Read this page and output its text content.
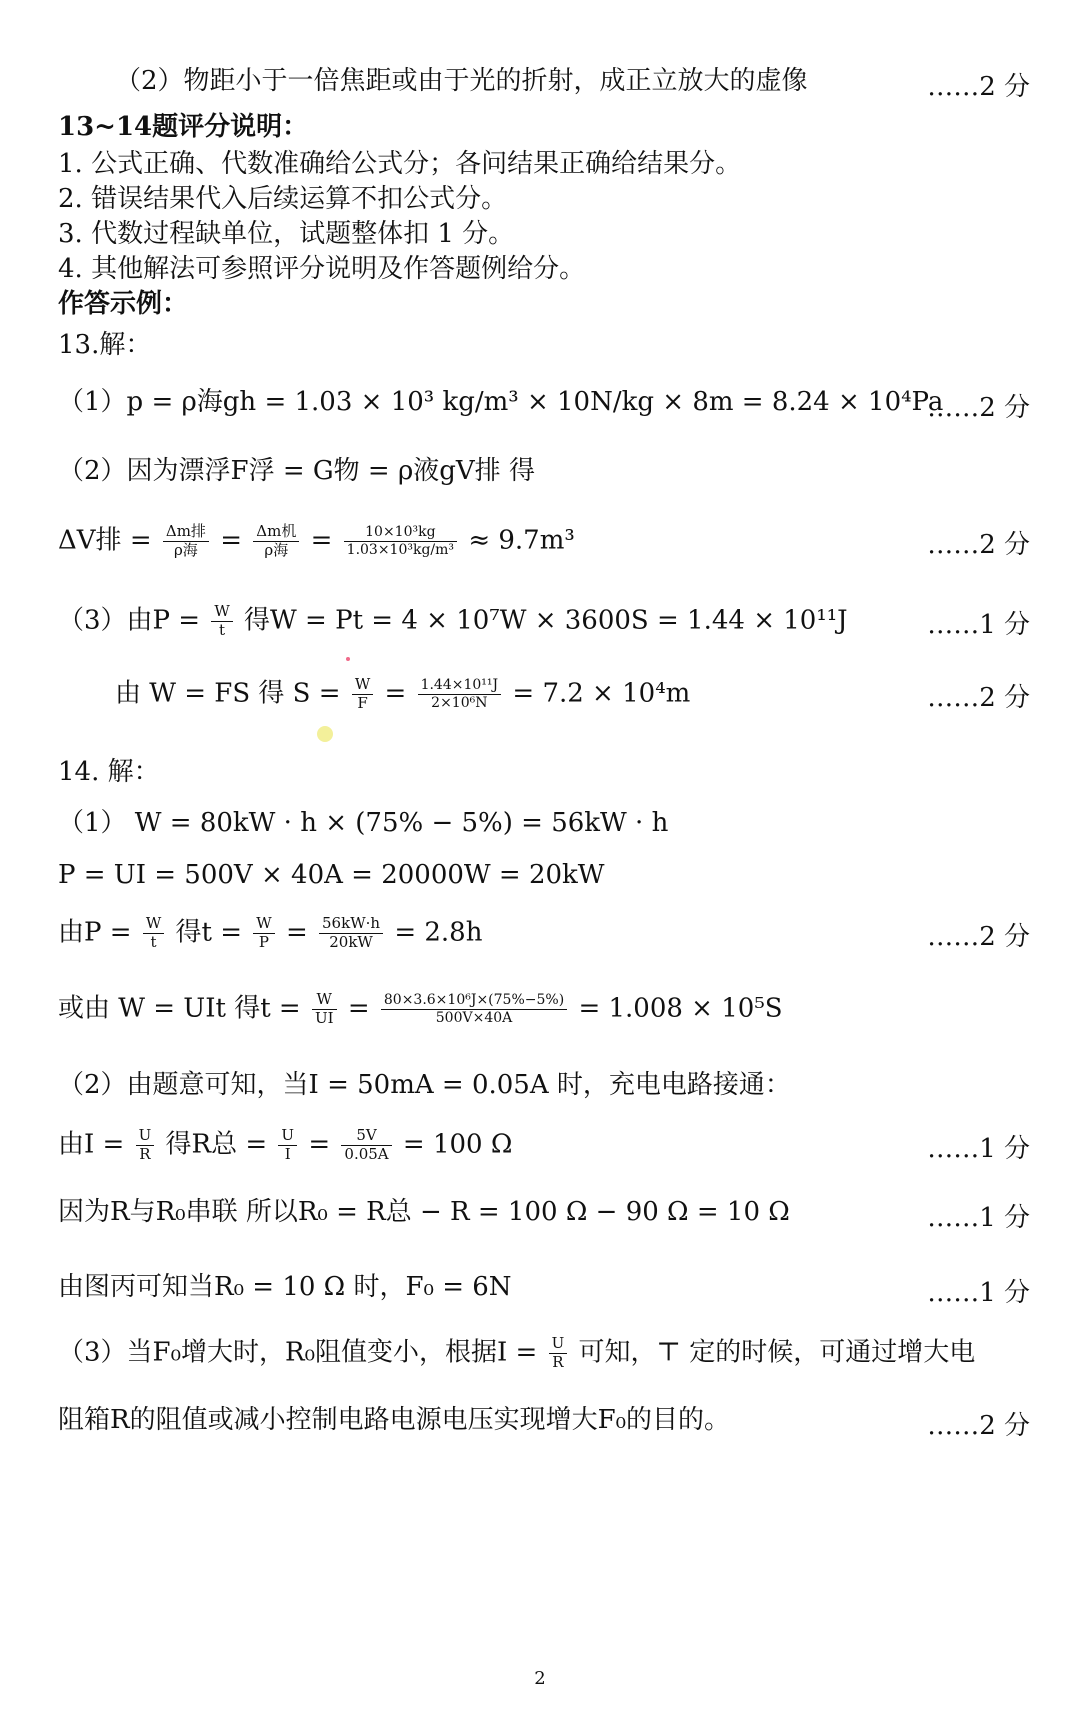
（2）物距小于一倍焦距或由于光的折射，成正立放大的虚像	……2 分
13~14题评分说明：
1. 公式正确、代数准确给公式分；各问结果正确给结果分。
2. 错误结果代入后续运算不扣公式分。
3. 代数过程缺单位，试题整体扣 1 分。
4. 其他解法可参照评分说明及作答题例给分。
作答示例：
13.解：
（1）p = ρ海gh = 1.03 × 10³ kg/m³ × 10N/kg × 8m = 8.24 × 10⁴Pa
……2 分
（2）因为漂浮F浮 = G物 = ρ液gV排 得
ΔV排 = $\frac{\text{Δm排}}{\text{ρ海}} = \frac{\text{Δm机}}{\text{ρ海}} = \frac{\text{10×10³kg}}{\text{1.03×10³kg/m³}} \approx 9.7m^3$	……2 分
（3）由$P = \frac{W}{t}$ 得W = Pt = 4 × 10⁷W × 3600S = 1.44 × 10¹¹J	……1 分
由 W = FS 得 $S = \frac{W}{F} = \frac{\text{1.44×10¹¹J}}{\text{2×10⁶N}} = 7.2 \times 10^4m$	……2 分
14. 解：
（1） W = 80kW · h × (75% − 5%) = 56kW · h
P = UI = 500V × 40A = 20000W = 20kW
由$P = \frac{W}{t}$ 得$t = \frac{W}{P} = \frac{56kW\cdot h}{20kW} = 2.8h$	……2 分
或由 W = UIt 得$t = \frac{W}{UI} = \frac{\text{80×3.6×10⁶J×(75\%−5\%)}}{500V\times 40A} = 1.008 \times 10^5S$
（2）由题意可知，当I = 50mA = 0.05A 时，充电电路接通：
由$I = \frac{U}{R}$ 得R总 = $\frac{U}{I} = \frac{5V}{0.05A} = 100$ Ω	……1 分
因为R与R₀串联 所以R₀ = R总 − R = 100 Ω − 90 Ω = 10 Ω	……1 分
由图丙可知当R₀ = 10 Ω 时，F₀ = 6N	……1 分
（3）当F₀增大时，R₀阻值变小，根据$I = \frac{U}{R}$ 可知，⊤ 定的时候，可通过增大电
阻箱R的阻值或减小控制电路电源电压实现增大F₀的目的。	……2 分
2
